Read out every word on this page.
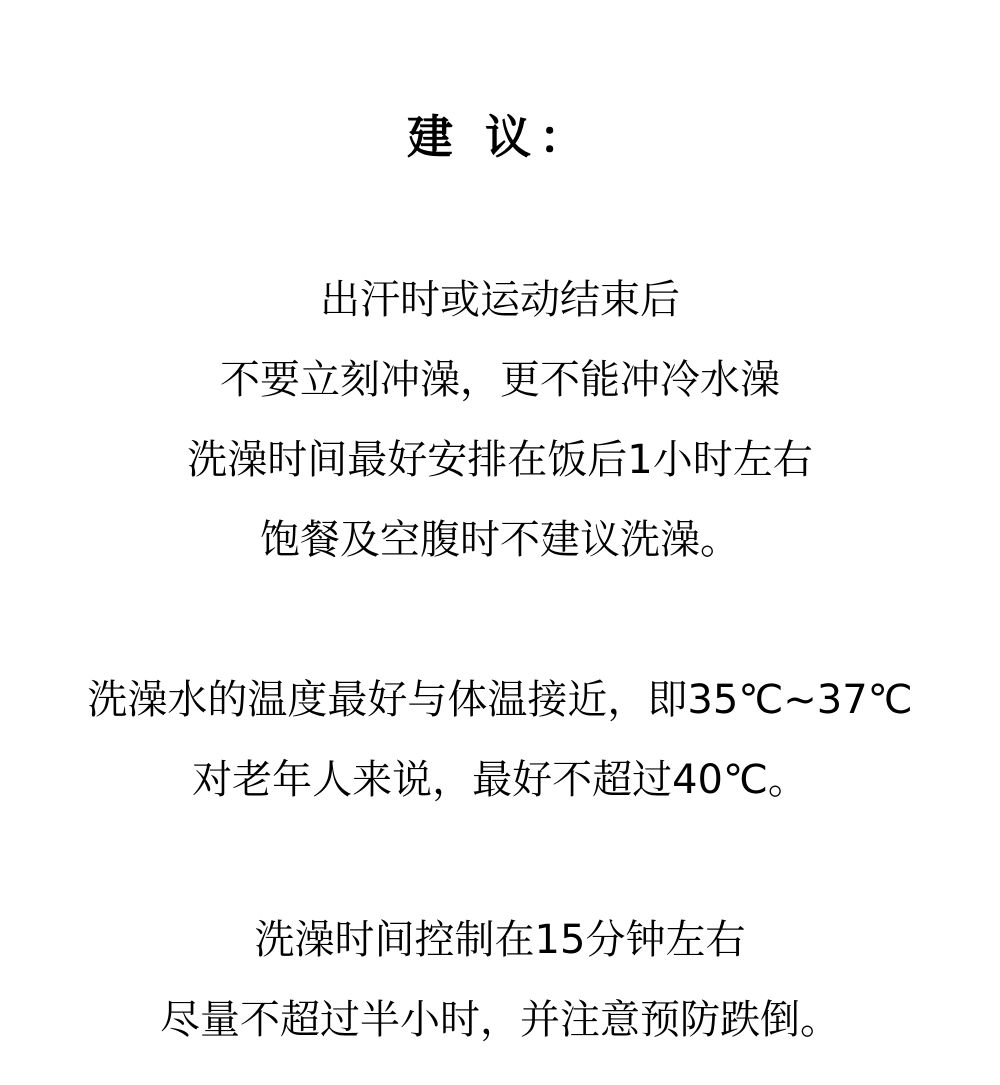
建 议：

出汗时或运动结束后

不要立刻冲澡，更不能冲冷水澡

洗澡时间最好安排在饭后1小时左右

饱餐及空腹时不建议洗澡。

洗澡水的温度最好与体温接近，即35℃~37℃

对老年人来说，最好不超过40℃。

洗澡时间控制在15分钟左右

尽量不超过半小时，并注意预防跌倒。
